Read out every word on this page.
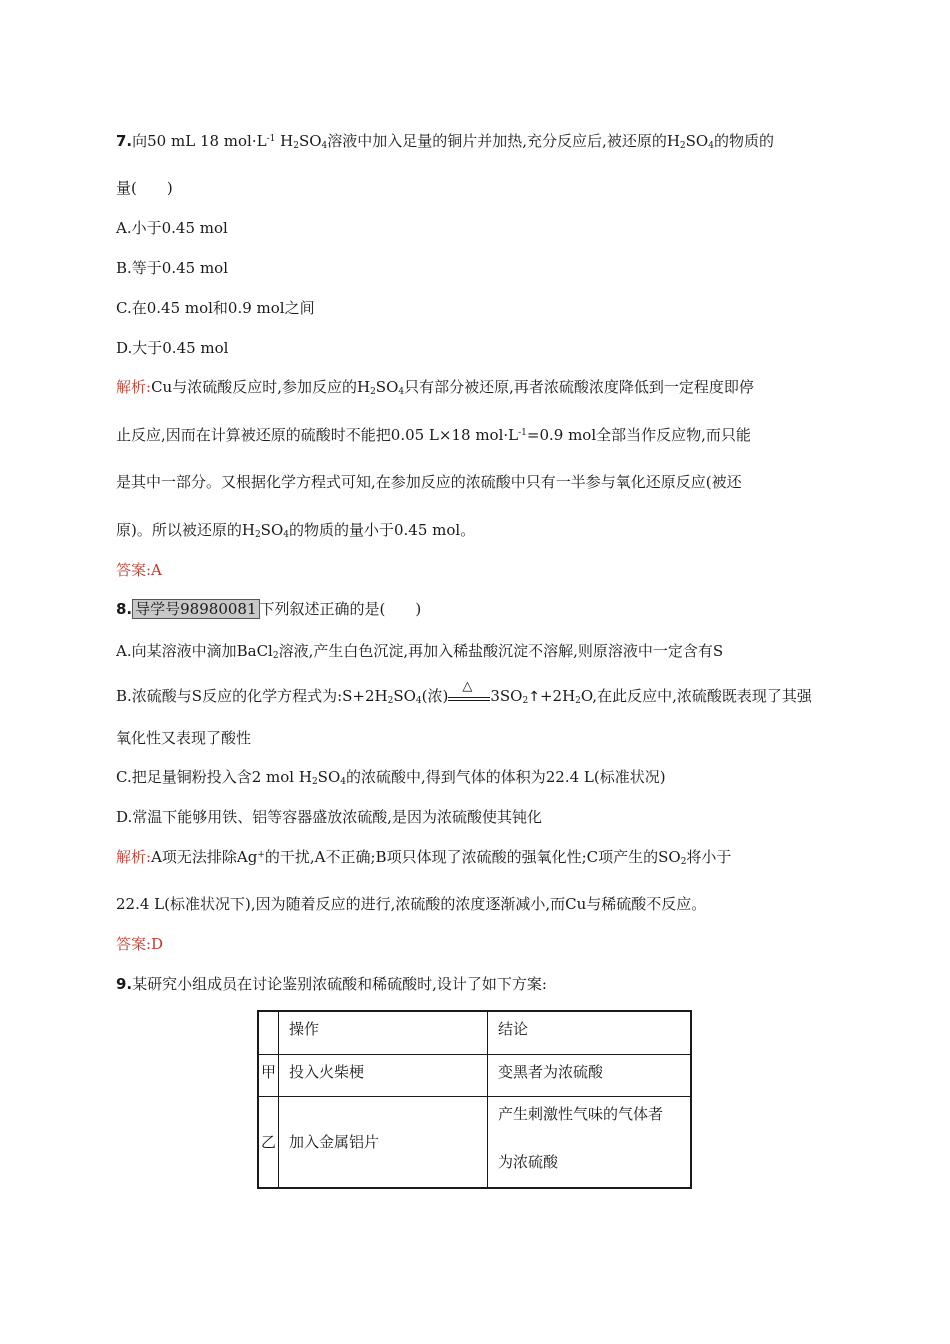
7.向50 mL 18 $mol\cdot L^{-1}$ $H_2SO_4$溶液中加入足量的铜片并加热,充分反应后,被还原的$H_2SO_4$的物质的
量(　　)
A.小于0.45 mol
B.等于0.45 mol
C.在0.45 mol和0.9 mol之间
D.大于0.45 mol
解析:Cu与浓硫酸反应时,参加反应的$H_2SO_4$只有部分被还原,再者浓硫酸浓度降低到一定程度即停
止反应,因而在计算被还原的硫酸时不能把0.05 L×18 $mol\cdot L^{-1}=0.9$ mol全部当作反应物,而只能
是其中一部分。又根据化学方程式可知,在参加反应的浓硫酸中只有一半参与氧化还原反应(被还
原)。所以被还原的$H_2SO_4$的物质的量小于0.45 mol。
答案:A
8. 导学号98980081 下列叙述正确的是(　　)
A.向某溶液中滴加BaCl$_2$溶液,产生白色沉淀,再加入稀盐酸沉淀不溶解,则原溶液中一定含有S
B.浓硫酸与S反应的化学方程式为$:S+2H_2SO_4$(浓)
△
$3SO_2↑+2H_2O$,在此反应中,浓硫酸既表现了其强
氧化性又表现了酸性
C.把足量铜粉投入含2 mol $H_2SO_4$的浓硫酸中,得到气体的体积为22.4 L(标准状况)
D.常温下能够用铁、铝等容器盛放浓硫酸,是因为浓硫酸使其钝化
解析:A项无法排除Ag+的干扰,A不正确;B项只体现了浓硫酸的强氧化性;C项产生的$SO_2$将小于
22.4 L(标准状况下),因为随着反应的进行,浓硫酸的浓度逐渐减小,而Cu与稀硫酸不反应。
答案:D
9.某研究小组成员在讨论鉴别浓硫酸和稀硫酸时,设计了如下方案:
	操作	结论
甲	投入火柴梗	变黑者为浓硫酸
乙	加入金属铝片	产生刺激性气味的气体者
为浓硫酸
